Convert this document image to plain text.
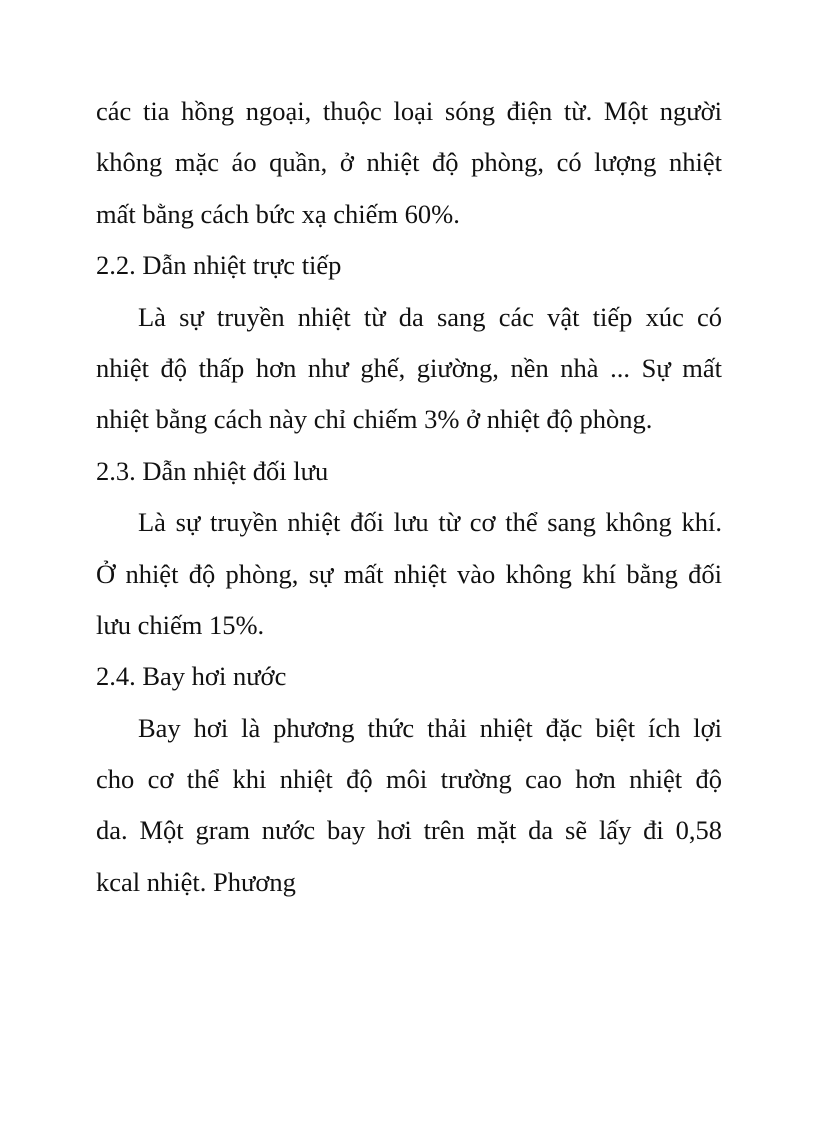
các tia hồng ngoại, thuộc loại sóng điện từ. Một người
không mặc áo quần, ở nhiệt độ phòng, có lượng nhiệt
mất bằng cách bức xạ chiếm 60%.
2.2. Dẫn nhiệt trực tiếp
Là sự truyền nhiệt từ da sang các vật tiếp xúc có
nhiệt độ thấp hơn như ghế, giường, nền nhà ... Sự mất
nhiệt bằng cách này chỉ chiếm 3% ở nhiệt độ phòng.
2.3. Dẫn nhiệt đối lưu
Là sự truyền nhiệt đối lưu từ cơ thể sang không khí.
Ở nhiệt độ phòng, sự mất nhiệt vào không khí bằng đối
lưu chiếm 15%.
2.4. Bay hơi nước
Bay hơi là phương thức thải nhiệt đặc biệt ích lợi
cho cơ thể khi nhiệt độ môi trường cao hơn nhiệt độ
da. Một gram nước bay hơi trên mặt da sẽ lấy đi 0,58
kcal nhiệt. Phương
